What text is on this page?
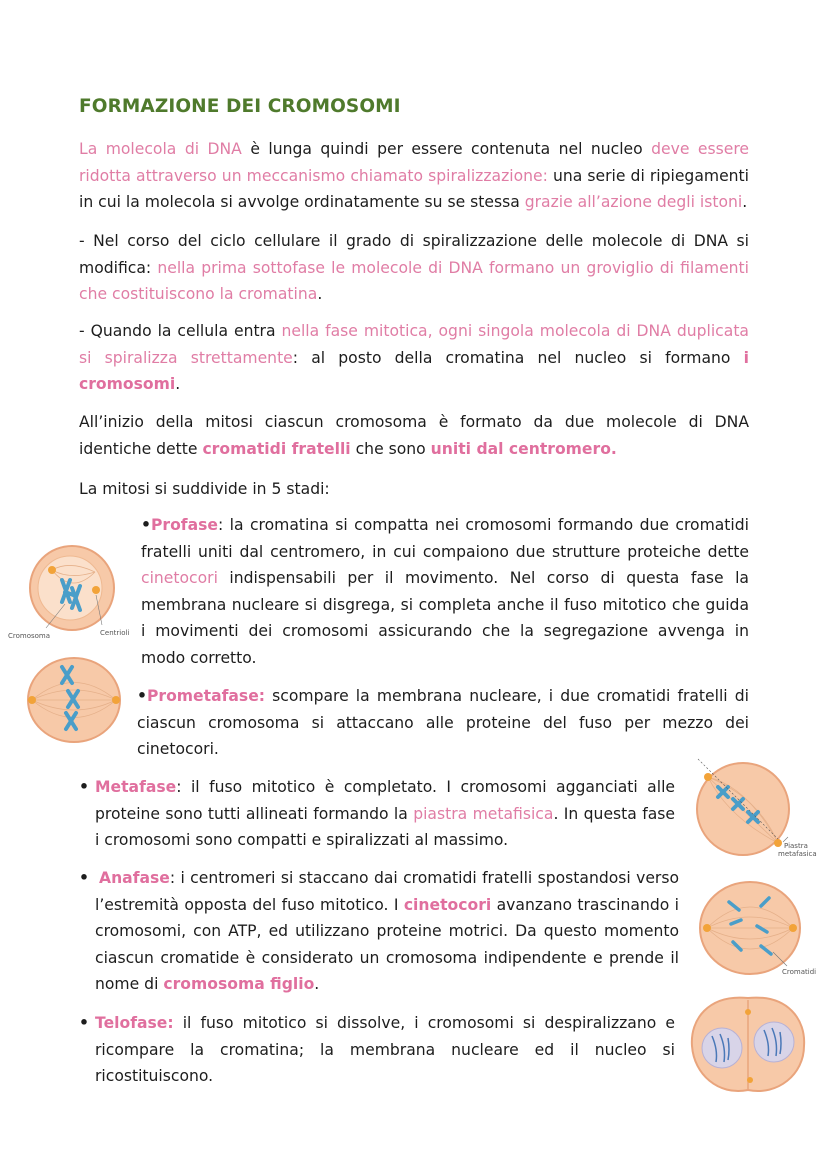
FORMAZIONE DEI CROMOSOMI
La molecola di DNA è lunga quindi per essere contenuta nel nucleo deve essere ridotta attraverso un meccanismo chiamato spiralizzazione: una serie di ripiegamenti in cui la molecola si avvolge ordinatamente su se stessa grazie all’azione degli istoni.
- Nel corso del ciclo cellulare il grado di spiralizzazione delle molecole di DNA si modifica: nella prima sottofase le molecole di DNA formano un groviglio di filamenti che costituiscono la cromatina.
- Quando la cellula entra nella fase mitotica, ogni singola molecola di DNA duplicata si spiralizza strettamente: al posto della cromatina nel nucleo si formano i cromosomi.
All’inizio della mitosi ciascun cromosoma è formato da due molecole di DNA identiche dette cromatidi fratelli che sono uniti dal centromero.
La mitosi si suddivide in 5 stadi:
•Profase: la cromatina si compatta nei cromosomi formando due cromatidi fratelli uniti dal centromero, in cui compaiono due strutture proteiche dette cinetocori indispensabili per il movimento. Nel corso di questa fase la membrana nucleare si disgrega, si completa anche il fuso mitotico che guida i movimenti dei cromosomi assicurando che la segregazione avvenga in modo corretto.
•Prometafase: scompare la membrana nucleare, i due cromatidi fratelli di ciascun cromosoma si attaccano alle proteine del fuso per mezzo dei cinetocori.
• Metafase: il fuso mitotico è completato. I cromosomi agganciati alle proteine sono tutti allineati formando la piastra metafisica. In questa fase i cromosomi sono compatti e spiralizzati al massimo.
• Anafase: i centromeri si staccano dai cromatidi fratelli spostandosi verso l’estremità opposta del fuso mitotico. I cinetocori avanzano trascinando i cromosomi, con ATP, ed utilizzano proteine motrici. Da questo momento ciascun cromatide è considerato un cromosoma indipendente e prende il nome di cromosoma figlio.
• Telofase: il fuso mitotico si dissolve, i cromosomi si despiralizzano e ricompare la cromatina; la membrana nucleare ed il nucleo si ricostituiscono.
Cromosoma	Centrioli
Piastra
metafasica
Cromatidi
